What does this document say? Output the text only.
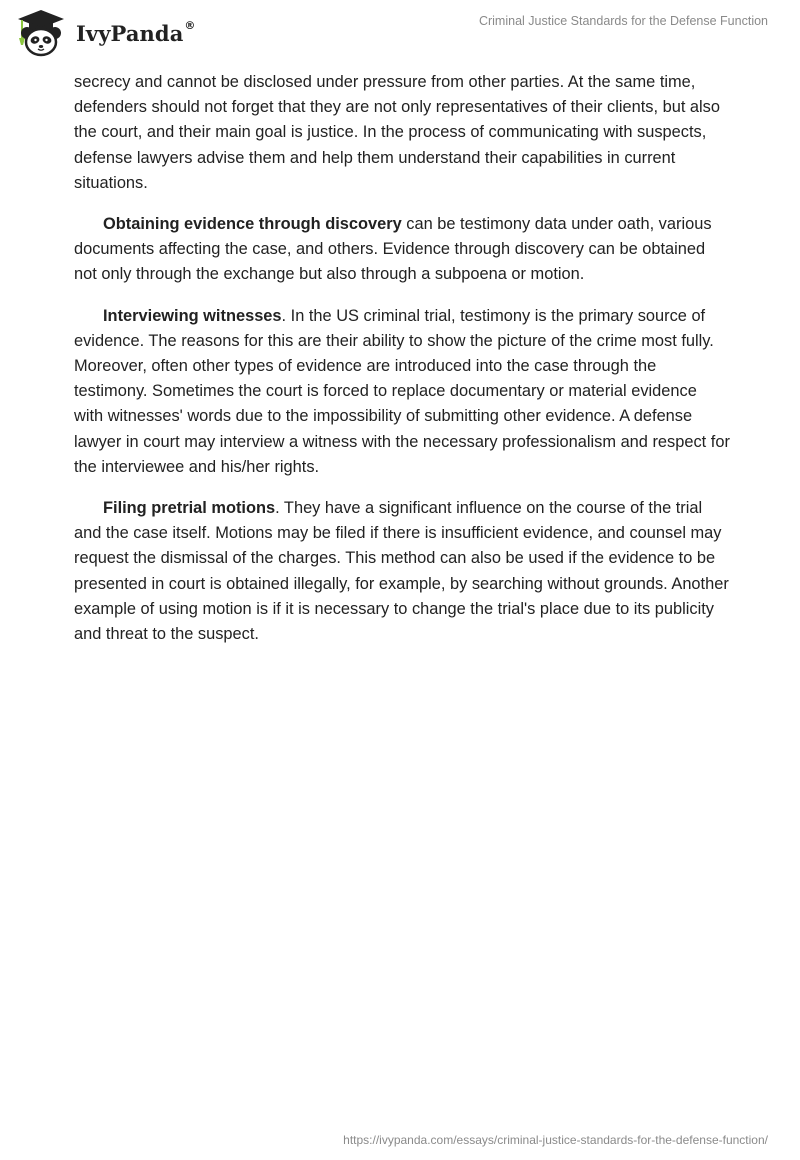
IvyPanda®	Criminal Justice Standards for the Defense Function

secrecy and cannot be disclosed under pressure from other parties. At the same time, defenders should not forget that they are not only representatives of their clients, but also the court, and their main goal is justice. In the process of communicating with suspects, defense lawyers advise them and help them understand their capabilities in current situations.

Obtaining evidence through discovery can be testimony data under oath, various documents affecting the case, and others. Evidence through discovery can be obtained not only through the exchange but also through a subpoena or motion.

Interviewing witnesses. In the US criminal trial, testimony is the primary source of evidence. The reasons for this are their ability to show the picture of the crime most fully. Moreover, often other types of evidence are introduced into the case through the testimony. Sometimes the court is forced to replace documentary or material evidence with witnesses' words due to the impossibility of submitting other evidence. A defense lawyer in court may interview a witness with the necessary professionalism and respect for the interviewee and his/her rights.

Filing pretrial motions. They have a significant influence on the course of the trial and the case itself. Motions may be filed if there is insufficient evidence, and counsel may request the dismissal of the charges. This method can also be used if the evidence to be presented in court is obtained illegally, for example, by searching without grounds. Another example of using motion is if it is necessary to change the trial's place due to its publicity and threat to the suspect.

https://ivypanda.com/essays/criminal-justice-standards-for-the-defense-function/
